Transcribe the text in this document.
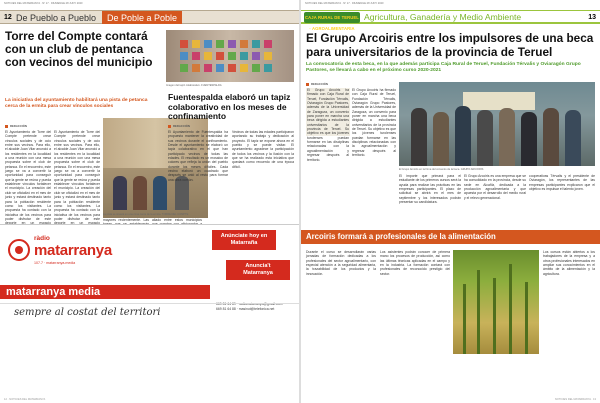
NOTICIES DEL MATARRANYA · Nº 17 · DIUMENGE 28 JUNY 2020
12 De Pueblo a Pueblo	De Poble a Poble
Torre del Compte contará con un club de pentanca con vecinos del municipio
La iniciativa del ayuntamiento habilitará una pista de petanca cerca de la ermita para crear vínculos sociales
REDACCIÓN
El Ayuntamiento de Torre del Compte pretende crear vínculos sociales y de ocio entre sus vecinos. Para ello, el alcalde Juan Vilar anunció a los residentes en la localidad a una reunión con una mesa propuesta sobre el club de petanca. En el encuentro, este juego se va a convertir la oportunidad para conseguir que la gente se reúna y pueda establecer vínculos fortalecer el municipio. La creación del club se oficializó en el mes de junio y estará destinado tanto para la población residente como los visitantes. La propuesta ha contado con la iniciativa de los vecinos para poder disfrutar de este
El Ayuntamiento de Torre del Compte pretende crear vínculos sociales y de ocio entre sus vecinos. Para ello, el alcalde Juan Vilar anunció a los residentes en la localidad a una reunión con una mesa propuesta sobre el club de petanca. En el encuentro, este juego se va a convertir la oportunidad para conseguir que la gente se reúna y pueda establecer vínculos fortalecer el municipio. La creación del club se oficializó en el mes de junio y estará destinado tanto para la población residente como los visitantes. La propuesta ha contado con la iniciativa de los vecinos para poder disfrutar de este
La pista se situará en una zona cerca de la ermita. TORRE DEL COMPTE
mayores recientemente. Las aliado entre estos municipios
Imagen del tapiz colaborativo. FUENTESPALDA
Fuentespalda elaboró un tapiz colaborativo en los meses de confinamiento
REDACCIÓN
El Ayuntamiento de Fuentespalda ha propuesto mantener la creatividad de sus vecinos durante el confinamiento. Desde el ayuntamiento se elaboró un tapiz colaborativo en el que han participado vecinos de todas las edades. El resultado es un mosaico de colores que refleja la unión del pueblo durante los meses difíciles. Cada vecino elaboró un cuadrado que después se unió al resto para formar una obra común.
Vecinos de todas las edades participaron aportando su trabajo y dedicación al proyecto. El tapiz se expone ahora en el pueblo y se puede visitar. El ayuntamiento agradece la participación de todos los vecinos y la ilusión con la que se ha realizado esta iniciativa que quedará como recuerdo de una época difícil.
ràdio
matarranya
107.7 · matarranya.media
Anúnciate hoy en Matarraña
Anuncia't Matarranya
matarranya media
669 81 64 89 · radiomatarranya@gmail.com
669 81 64 88 · masinut@telefonica.net
sempre al costat del territori
12 · NOTICIES DEL MATARRANYA
NOTICIES DEL MATARRANYA · Nº 17 · DIUMENGE 28 JUNY 2020
CAJA RURAL DE TERUEL · AGROALIMENTARIA
Agricultura, Ganadería y Medio Ambiente	13
El Grupo Arcoiris entre los impulsores de una beca para universitarios de la provincia de Teruel
La convocatoria de esta beca, en la que además participa Caja Rural de Teruel, Fundación Térvalis y Oviaragón Grupo Pastores, se llevará a cabo en el próximo curso 2020-2021
REDACCIÓN
El Grupo Arcoiris ha firmado con Caja Rural de Teruel, Fundación Térvalis, Oviaragón Grupo Pastores, además de la Universidad de Zaragoza, un convenio para poner en marcha una beca dirigida a estudiantes universitarios de la provincia de Teruel. Su objetivo es que los jóvenes turolenses puedan formarse en las disciplinas relacionadas con la agroalimentación y regresar después al territorio.
El Grupo Arcoiris ha firmado con Caja Rural de Teruel, Fundación Térvalis, Oviaragón Grupo Pastores, además de la Universidad de Zaragoza, un convenio para poner en marcha una beca dirigida a estudiantes universitarios de la provincia de Teruel. Su objetivo es que los jóvenes turolenses puedan formarse en las disciplinas relacionadas con la agroalimentación y regresar después al territorio.
El Grupo Arcoiris en la firma del convenio de la beca. GRUPO ARCOIRIS
El importe que primará para el estudiante de los primeros cursos será la ayuda para realizar las prácticas en las empresas participantes. El plazo de solicitud se abrirá en el mes de septiembre y los interesados podrán presentar su candidatura.
El Grupo Arcoiris es una empresa que se ha consolidado en la provincia, desde su sede en Alcañiz, dedicada a la producción agroalimentaria y que apuesta por el desarrollo del medio rural y el relevo generacional.
cooperativas Térvalis y el presidente de Oviaragón, los representantes de las empresas participantes explicaron que el objetivo es impulsar el talento joven.
Arcoiris formará a profesionales de la alimentación
Durante el curso se desarrollarán varias jornadas de formación dedicadas a los profesionales del sector agroalimentario, con especial atención a la seguridad alimentaria, la trazabilidad de los productos y la innovación.
Los asistentes podrán conocer de primera mano los procesos de producción, así como las últimas técnicas aplicadas en el campo y en la industria. La formación contará con profesionales de reconocido prestigio del sector.
Los cursos están abiertos a los trabajadores de la empresa y a otros profesionales interesados en ampliar sus conocimientos en el ámbito de la alimentación y la agricultura.
NOTICIES DEL MATARRANYA · 13
